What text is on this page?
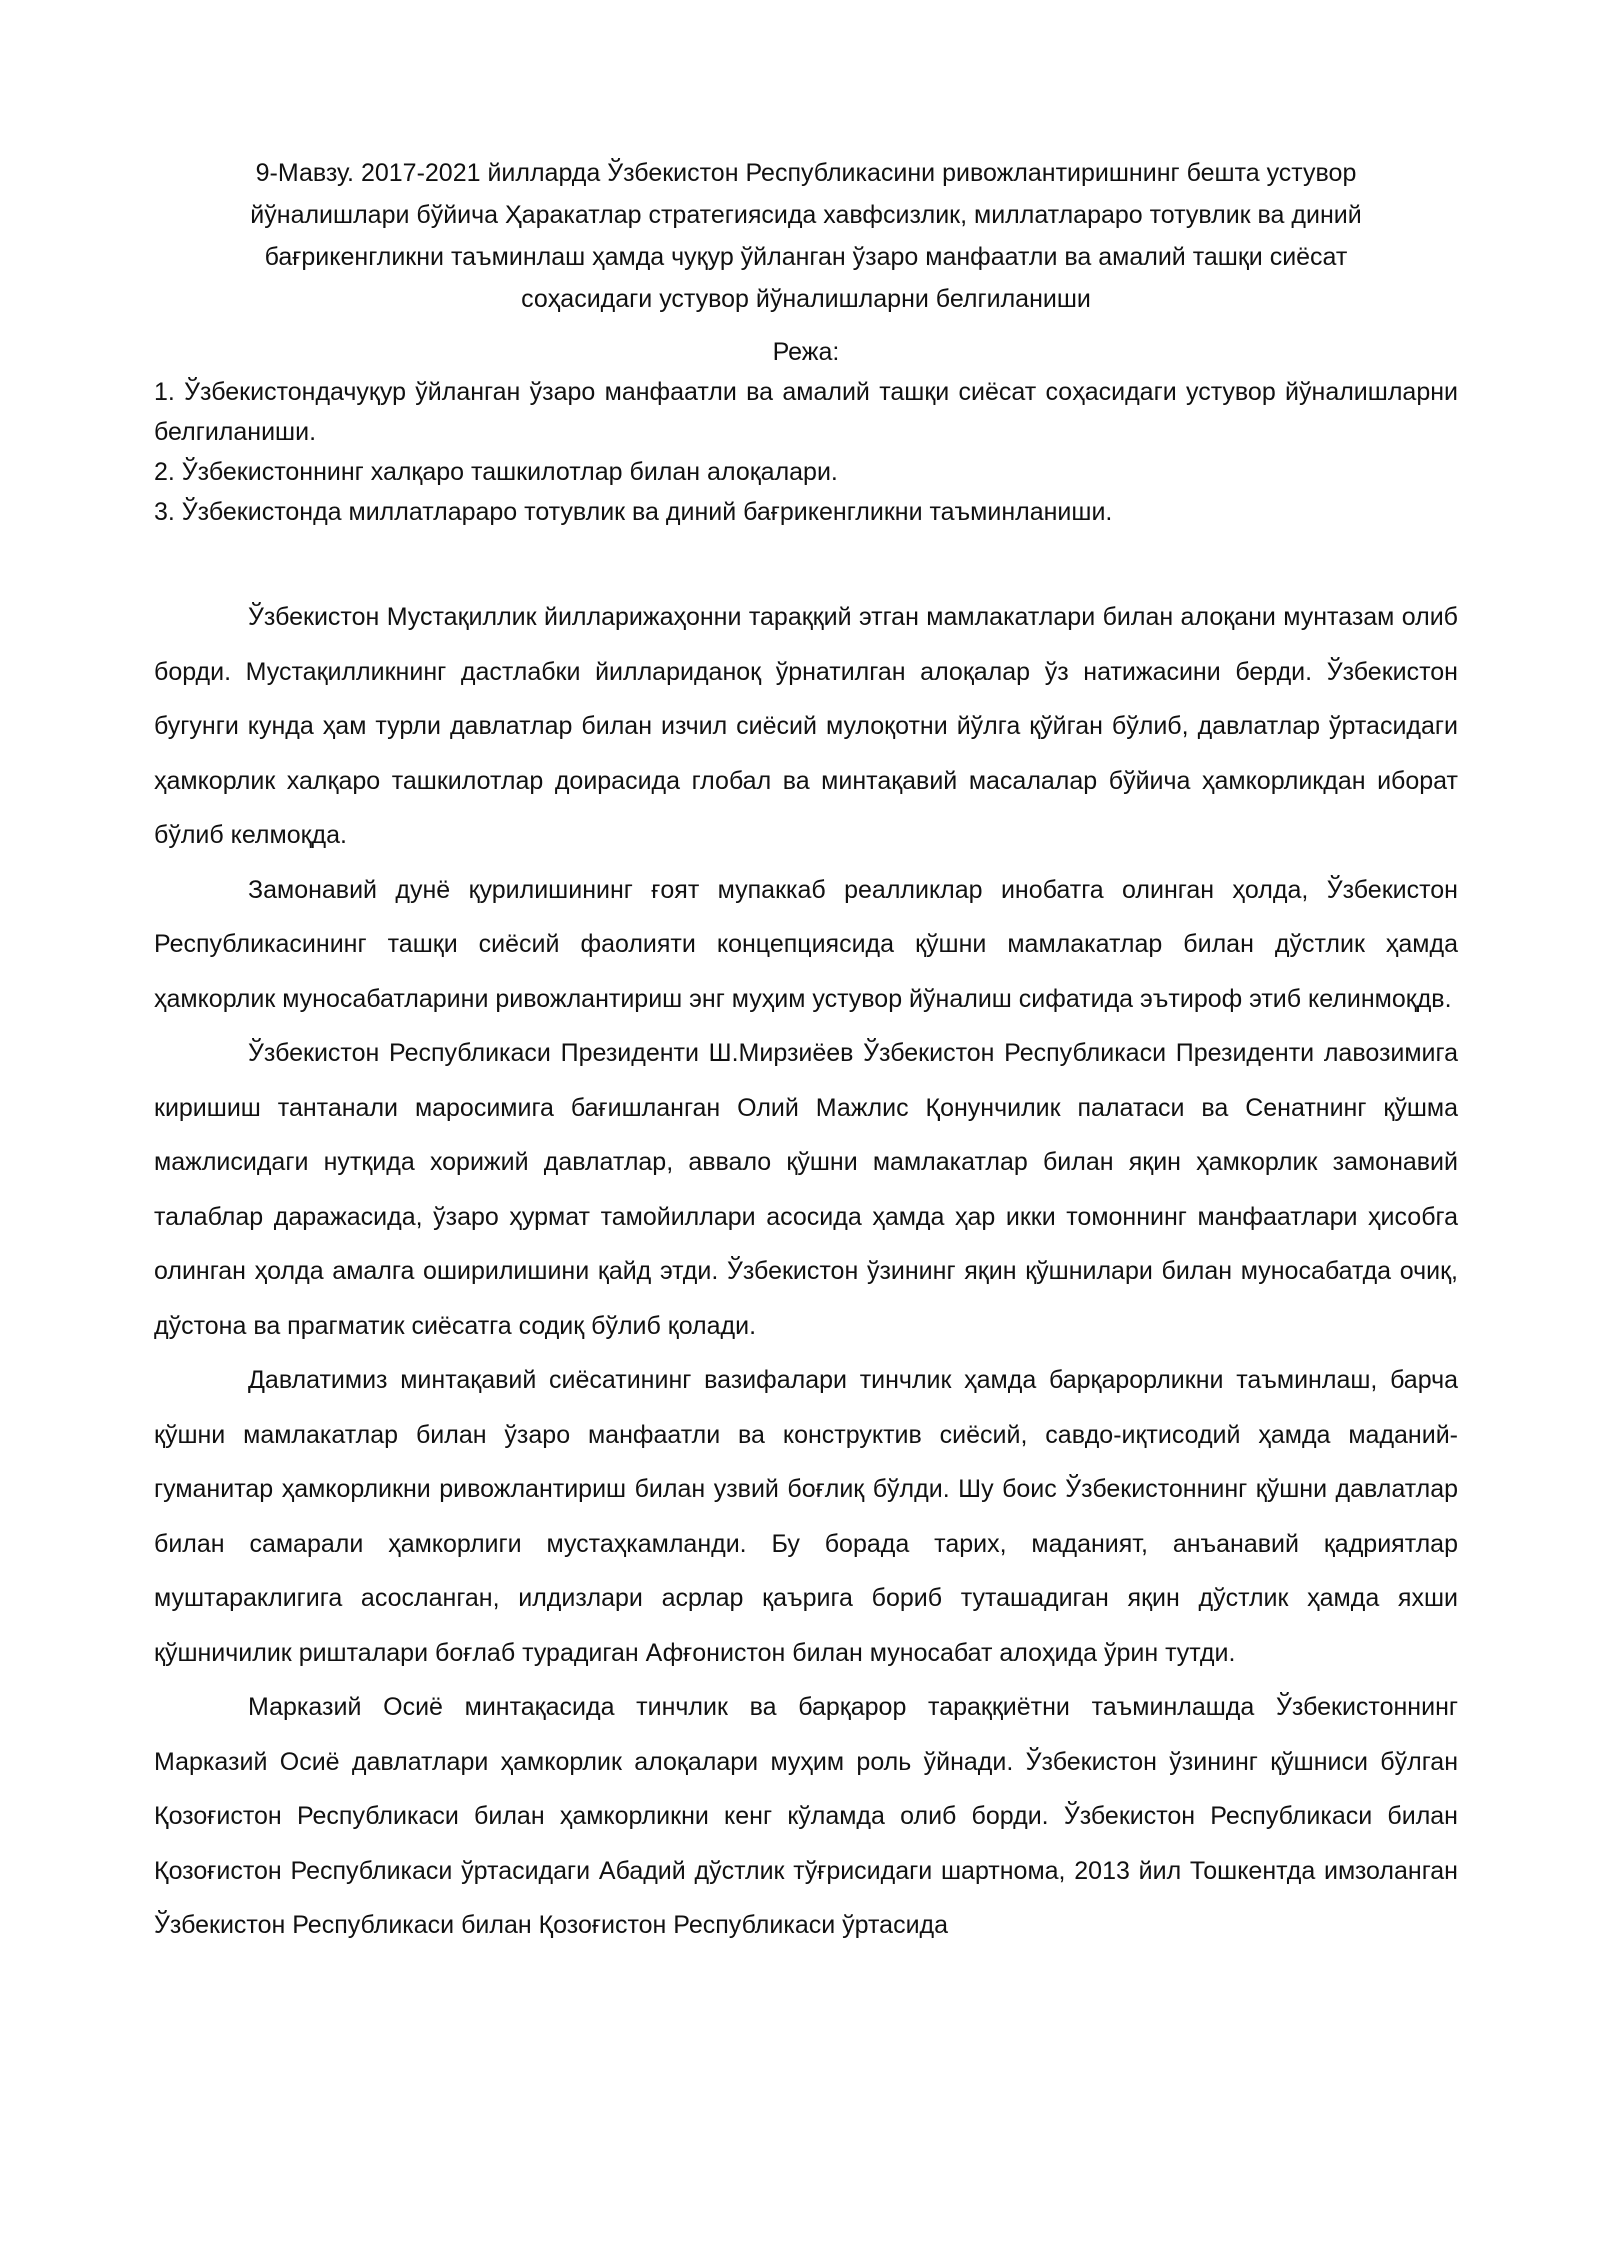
9-Мавзу. 2017-2021 йилларда Ўзбекистон Республикасини ривожлантиришнинг бешта устувор
йўналишлари бўйича Ҳаракатлар стратегиясида хавфсизлик, миллатлараро тотувлик ва диний
бағрикенгликни таъминлаш ҳамда чуқур ўйланган ўзаро манфаатли ва амалий ташқи сиёсат
соҳасидаги устувор йўналишларни белгиланиши
Режа:

1. Ўзбекистондачуқур ўйланган ўзаро манфаатли ва амалий ташқи сиёсат соҳасидаги устувор йўналишларни белгиланиши.

2. Ўзбекистоннинг халқаро ташкилотлар билан алоқалари.

3. Ўзбекистонда миллатлараро тотувлик ва диний бағрикенгликни таъминланиши.

Ўзбекистон Мустақиллик йилларижаҳонни тараққий этган мамлакатлари билан алоқани мунтазам олиб борди. Мустақилликнинг дастлабки йиллариданоқ ўрнатилган алоқалар ўз натижасини берди. Ўзбекистон бугунги кунда ҳам турли давлатлар билан изчил сиёсий мулоқотни йўлга қўйган бўлиб, давлатлар ўртасидаги ҳамкорлик халқаро ташкилотлар доирасида глобал ва минтақавий масалалар бўйича ҳамкорликдан иборат бўлиб келмоқда.

Замонавий дунё қурилишининг ғоят мупаккаб реалликлар инобатга олинган ҳолда, Ўзбекистон Республикасининг ташқи сиёсий фаолияти концепциясида қўшни мамлакатлар билан дўстлик ҳамда ҳамкорлик муносабатларини ривожлантириш энг муҳим устувор йўналиш сифатида эътироф этиб келинмоқдв.

Ўзбекистон Республикаси Президенти Ш.Мирзиёев Ўзбекистон Республикаси Президенти лавозимига киришиш тантанали маросимига бағишланган Олий Мажлис Қонунчилик палатаси ва Сенатнинг қўшма мажлисидаги нутқида хорижий давлатлар, аввало қўшни мамлакатлар билан яқин ҳамкорлик замонавий талаблар даражасида, ўзаро ҳурмат тамойиллари асосида ҳамда ҳар икки томоннинг манфаатлари ҳисобга олинган ҳолда амалга оширилишини қайд этди. Ўзбекистон ўзининг яқин қўшнилари билан муносабатда очиқ, дўстона ва прагматик сиёсатга содиқ бўлиб қолади.

Давлатимиз минтақавий сиёсатининг вазифалари тинчлик ҳамда барқарорликни таъминлаш, барча қўшни мамлакатлар билан ўзаро манфаатли ва конструктив сиёсий, савдо-иқтисодий ҳамда маданий-гуманитар ҳамкорликни ривожлантириш билан узвий боғлиқ бўлди. Шу боис Ўзбекистоннинг қўшни давлатлар билан самарали ҳамкорлиги мустаҳкамланди. Бу борада тарих, маданият, анъанавий қадриятлар муштараклигига асосланган, илдизлари асрлар қаърига бориб туташадиган яқин дўстлик ҳамда яхши қўшничилик ришталари боғлаб турадиган Афғонистон билан муносабат алоҳида ўрин тутди.

Марказий Осиё минтақасида тинчлик ва барқарор тараққиётни таъминлашда Ўзбекистоннинг Марказий Осиё давлатлари ҳамкорлик алоқалари муҳим роль ўйнади. Ўзбекистон ўзининг қўшниси бўлган Қозоғистон Республикаси билан ҳамкорликни кенг кўламда олиб борди. Ўзбекистон Республикаси билан Қозоғистон Республикаси ўртасидаги Абадий дўстлик тўғрисидаги шартнома, 2013 йил Тошкентда имзоланган Ўзбекистон Республикаси билан Қозоғистон Республикаси ўртасида
